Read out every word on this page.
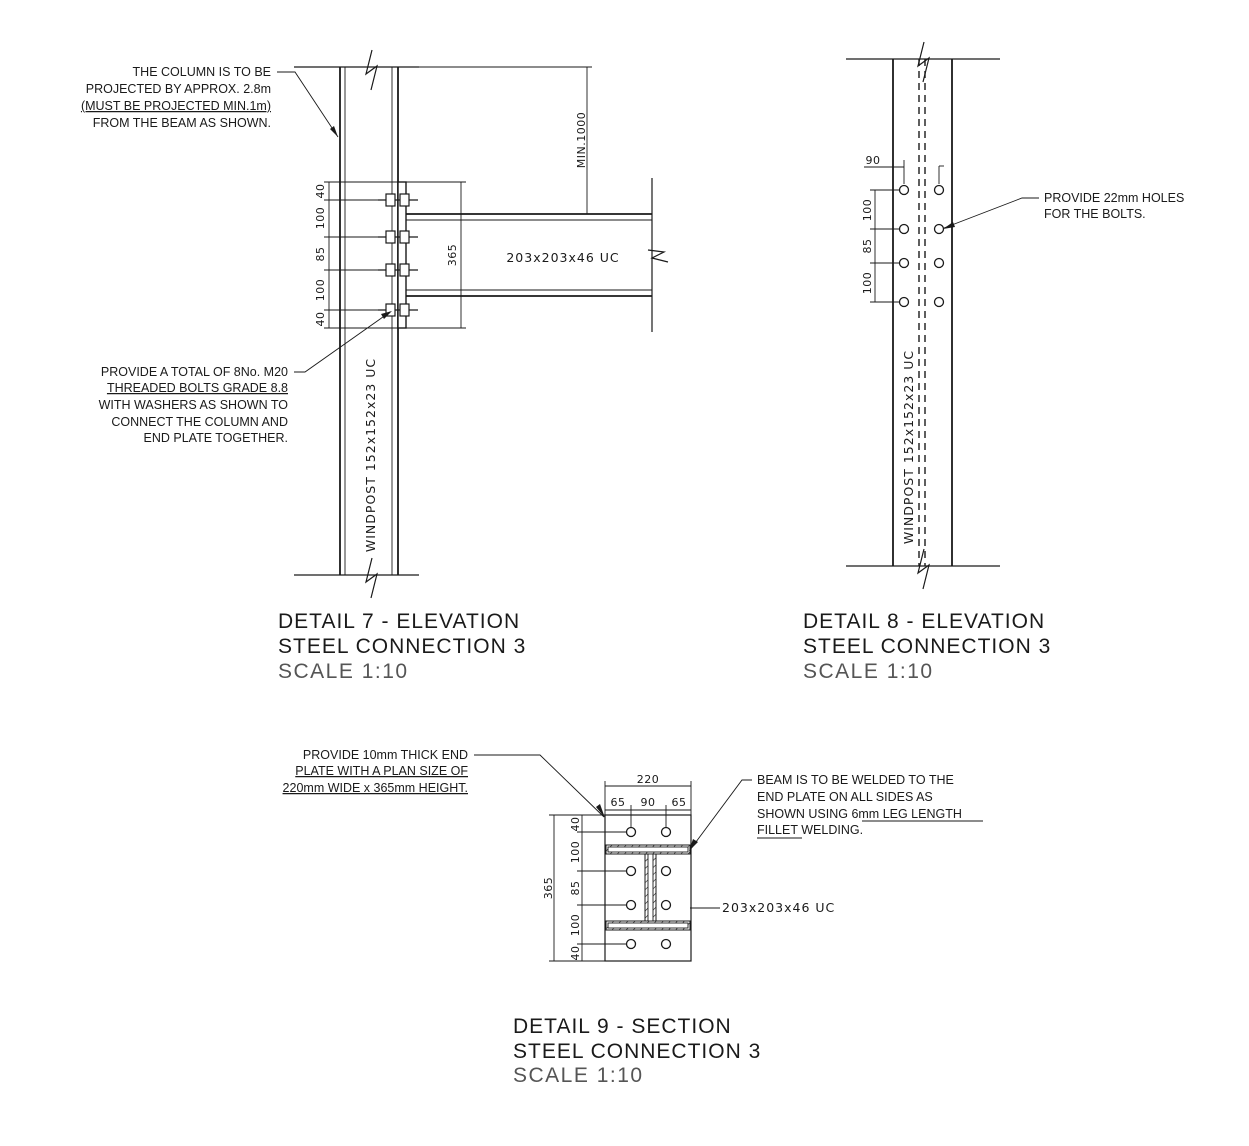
40
100
85
100
40
365
MIN.1000
203x203x46 UC
WINDPOST 152x152x23 UC
THE COLUMN IS TO BE
PROJECTED BY APPROX. 2.8m
(MUST BE PROJECTED MIN.1m)
FROM THE BEAM AS SHOWN.
PROVIDE A TOTAL OF 8No. M20
THREADED BOLTS GRADE 8.8
WITH WASHERS AS SHOWN TO
CONNECT THE COLUMN AND
END PLATE TOGETHER.
DETAIL 7 - ELEVATION
STEEL CONNECTION 3
SCALE 1:10
90
100
85
100
WINDPOST 152x152x23 UC
PROVIDE 22mm HOLES
FOR THE BOLTS.
DETAIL 8 - ELEVATION
STEEL CONNECTION 3
SCALE 1:10
220
65 90 65
365
40
100
85
100
40
203x203x46 UC
PROVIDE 10mm THICK END
PLATE WITH A PLAN SIZE OF
220mm WIDE x 365mm HEIGHT.
BEAM IS TO BE WELDED TO THE
END PLATE ON ALL SIDES AS
SHOWN USING 6mm LEG LENGTH
FILLET WELDING.
DETAIL 9 - SECTION
STEEL CONNECTION 3
SCALE 1:10
